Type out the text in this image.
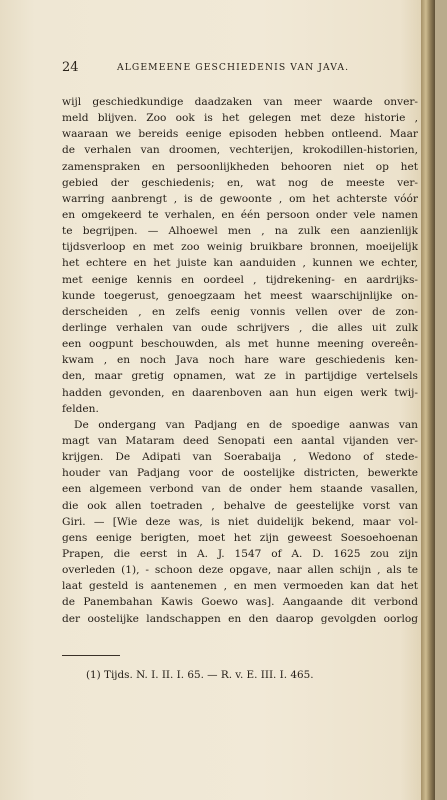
24	ALGEMEENE GESCHIEDENIS VAN JAVA.
wijl geschiedkundige daadzaken van meer waarde onver-
meld blijven. Zoo ook is het gelegen met deze historie ,
waaraan we bereids eenige episoden hebben ontleend. Maar
de verhalen van droomen, vechterijen, krokodillen-historien,
zamenspraken en persoonlijkheden behooren niet op het
gebied der geschiedenis; en, wat nog de meeste ver-
warring aanbrengt , is de gewoonte , om het achterste vóór
en omgekeerd te verhalen, en één persoon onder vele namen
te begrijpen. — Alhoewel men , na zulk een aanzienlijk
tijdsverloop en met zoo weinig bruikbare bronnen, moeijelijk
het echtere en het juiste kan aanduiden , kunnen we echter,
met eenige kennis en oordeel , tijdrekening- en aardrijks-
kunde toegerust, genoegzaam het meest waarschijnlijke on-
derscheiden , en zelfs eenig vonnis vellen over de zon-
derlinge verhalen van oude schrijvers , die alles uit zulk
een oogpunt beschouwden, als met hunne meening overeên-
kwam , en noch Java noch hare ware geschiedenis ken-
den, maar gretig opnamen, wat ze in partijdige vertelsels
hadden gevonden, en daarenboven aan hun eigen werk twij-
felden.
De ondergang van Padjang en de spoedige aanwas van
magt van Mataram deed Senopati een aantal vijanden ver-
krijgen. De Adipati van Soerabaija , Wedono of stede-
houder van Padjang voor de oostelijke districten, bewerkte
een algemeen verbond van de onder hem staande vasallen,
die ook allen toetraden , behalve de geestelijke vorst van
Giri. — [Wie deze was, is niet duidelijk bekend, maar vol-
gens eenige berigten, moet het zijn geweest Soesoehoenan
Prapen, die eerst in A. J. 1547 of A. D. 1625 zou zijn
overleden (1), - schoon deze opgave, naar allen schijn , als te
laat gesteld is aantenemen , en men vermoeden kan dat het
de Panembahan Kawis Goewo was]. Aangaande dit verbond
der oostelijke landschappen en den daarop gevolgden oorlog
(1) Tijds. N. I. II. I. 65. — R. v. E. III. I. 465.
